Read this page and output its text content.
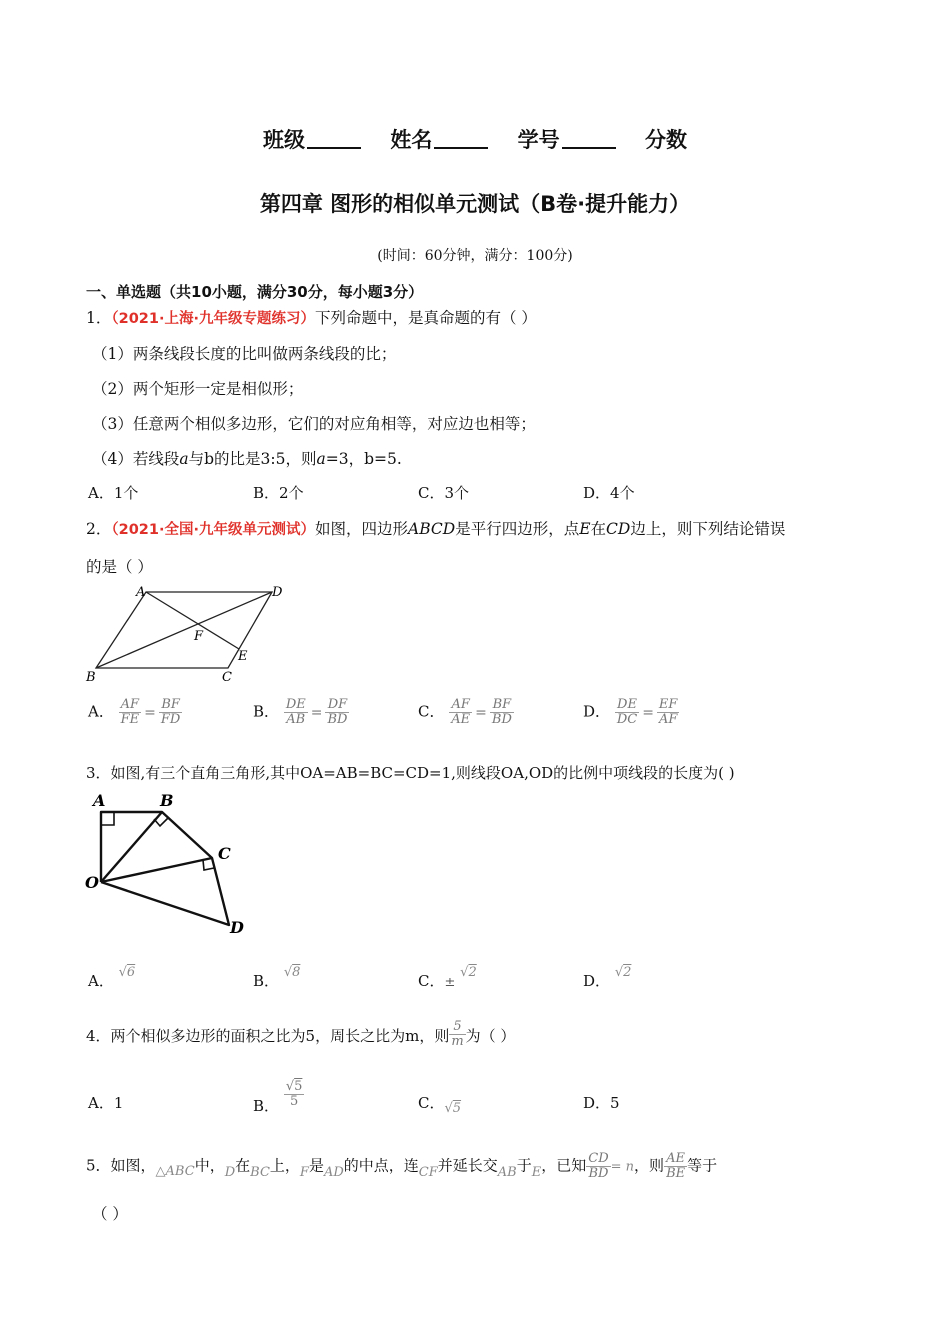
班级	姓名	学号	分数
第四章 图形的相似单元测试（B卷·提升能力）
(时间：60分钟，满分：100分)
一、单选题（共10小题，满分30分，每小题3分）
1．（2021·上海·九年级专题练习）下列命题中，是真命题的有（ ）
（1）两条线段长度的比叫做两条线段的比；
（2）两个矩形一定是相似形；
（3）任意两个相似多边形，它们的对应角相等，对应边也相等；
（4）若线段a与b的比是3:5，则a=3，b=5.
A．1个	B．2个	C．3个	D．4个
2．（2021·全国·九年级单元测试）如图，四边形ABCD是平行四边形，点E在CD边上，则下列结论错误
的是（ ）
A	D
F
E
B	C
A． $\frac{AF}{FE} = \frac{BF}{FD}$	B． $\frac{DE}{AB} = \frac{DF}{BD}$	C． $\frac{AF}{AE} = \frac{BF}{BD}$	D． $\frac{DE}{DC} = \frac{EF}{AF}$
3．如图,有三个直角三角形,其中OA=AB=BC=CD=1,则线段OA,OD的比例中项线段的长度为( )
A	B
C
O
D
A． √6	B． √8	C．± √2	D． √2
4．两个相似多边形的面积之比为5，周长之比为m，则 $\frac{5}{m}$ 为（ ）
A．1	B． $\frac{√5}{5}$	C．√5	D．5
5．如图，△ABC中，D在BC上，F是AD的中点，连CF并延长交AB于E，已知 $\frac{CD}{BD} = n$，则 $\frac{AE}{BE}$ 等于
（ ）
